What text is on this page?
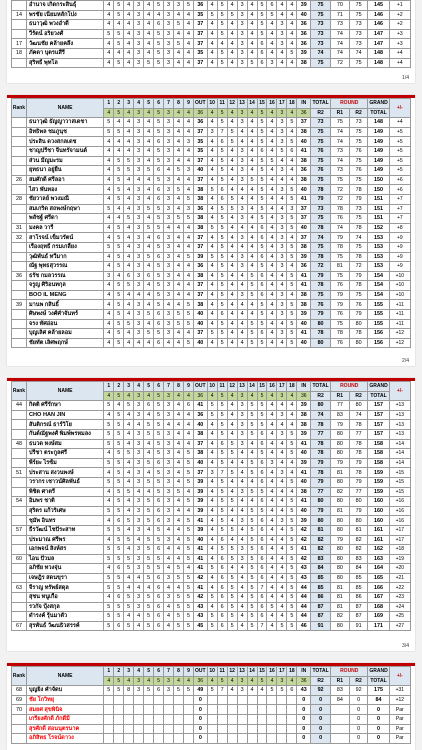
	อำนาจ เกิดกระสินธุ์	4	5	4	3	4	5	3	3	5	36	4	5	4	3	4	5	6	4	4	39	75	70	75	145	+1
14	พรชัย เนียมหลักโปง	4	5	4	3	4	4	3	4	4	35	5	5	5	3	4	5	5	4	4	40	75	71	75	146	+2
	ธนาวุฒิ พวงอ่ำดี	4	4	4	3	4	6	3	5	4	37	4	5	4	3	4	5	4	3	4	36	73	73	73	146	+2
	วีรัตน์ อริยวงศ์	5	5	4	3	4	5	3	4	4	37	4	5	4	3	4	5	4	3	4	36	73	74	73	147	+3
17	วัฒนชัย คล้ายคลึง	4	5	4	3	4	5	3	5	4	37	4	4	4	3	4	6	4	3	4	36	73	74	73	147	+3
18	ภัคดา บุตรแสีรี	4	4	4	3	4	5	3	4	4	35	4	5	4	3	4	6	4	4	5	39	74	74	74	148	+4
	สุริทธิ์ พุทโล	4	5	4	3	5	5	3	4	4	37	4	5	4	3	5	6	3	4	4	38	75	72	75	148	+4
1/4
Rank	NAME	1	2	3	4	5	6	7	8	9	OUT	10	11	12	13	14	15	16	17	18	IN	TOTAL	ROUND		GRAND	+/-
		4	5	4	3	4	5	3	4	4	36	4	5	4	3	4	5	4	3	4	36	R2	R1	R2	TOTAL	
	ธนาวุฒิ ธัญญาวาสเดชา	5	4	4	3	4	5	3	4	4	36	4	5	4	3	4	5	4	3	5	37	73	75	73	148	+4
	อิทธิพล ชมภูนุช	5	5	4	3	4	5	3	4	4	37	3	7	5	4	4	5	4	3	4	38	75	74	75	149	+5
	ประสิน ดวงสกลเดช	4	4	4	3	4	6	3	4	3	35	4	6	5	4	4	5	4	3	5	40	75	74	75	149	+5
	ชาญปรีชา จีนทรัจามนต์	4	4	4	3	4	5	3	4	4	35	4	5	4	3	4	6	4	5	6	41	76	73	76	149	+5
	ส่วน มีญูมะรม	4	5	5	3	4	5	3	4	4	37	4	5	4	3	4	5	5	4	4	38	75	74	75	149	+5
	ยุทธนา อยู่ยืน	4	5	5	3	5	6	4	5	3	40	4	5	4	3	4	5	4	3	4	36	76	73	76	149	+5
26	สมศักดิ์ ศรีลอา	4	5	4	4	4	5	3	4	4	37	4	5	4	3	5	5	4	4	4	38	75	75	75	150	+6
	ไสว พันทอง	4	5	4	3	4	6	3	5	4	38	5	6	4	4	4	5	4	3	5	40	78	72	78	150	+6
28	ชัยวาลย์ พวงมณี	4	5	4	3	4	6	3	4	5	38	4	6	5	4	4	5	4	4	5	41	79	72	79	151	+7
	สมเกริด สถพงษ์กฤษา	5	4	4	3	5	5	3	4	3	36	4	5	5	3	4	5	4	4	3	37	73	78	73	151	+7
	พลัชฐ์ ศรีดา	4	4	5	3	4	5	3	5	5	38	4	5	4	3	4	5	4	3	5	37	75	76	75	151	+7
31	มงคล วารี	4	5	4	3	5	5	4	4	4	38	5	5	4	4	4	6	4	3	5	40	78	74	78	152	+8
32	สาโรจน์ เข็มวรัตน์	4	5	4	3	4	6	3	4	4	37	4	5	4	3	4	6	4	3	4	37	74	79	74	153	+9
	เรืองฤทธิ์ กรมเกลี้ยง	5	5	4	3	4	5	3	4	4	37	4	5	4	4	4	5	4	3	5	38	75	78	75	153	+9
	วุฒิพันธ์ ทวีมาก	4	5	4	3	5	6	3	4	5	39	5	5	4	3	4	6	4	3	5	39	78	75	78	153	+9
	ณัฐ พุทธสุวรรณ	4	5	4	3	4	5	3	4	4	36	4	5	4	3	4	5	4	3	4	36	72	81	72	153	+9
36	ธรัช กมลวรรณ	3	4	6	3	6	5	3	4	4	38	4	5	4	4	5	6	4	4	5	41	79	75	79	154	+10
	จรูญ ศิริอนทกุล	4	5	5	3	4	5	3	4	4	37	4	5	4	4	5	6	4	4	5	41	78	76	78	154	+10
	BOO IL MENG	4	5	4	4	4	5	3	4	4	37	4	5	4	3	5	6	4	3	4	38	75	79	75	154	+10
39	มานพ กสินธิ์	4	5	4	3	4	5	4	4	5	38	4	5	4	4	4	5	4	3	5	38	76	79	76	155	+11
	ศิษพงษ์ วงศ์คำจันทร์	4	5	4	3	5	6	3	5	5	40	4	6	4	4	4	5	4	3	5	39	79	76	79	155	+11
	จรง ทัศอ่อน	4	5	5	3	4	6	3	5	5	40	4	5	4	4	5	5	4	4	5	40	80	75	80	155	+11
	บุญเลิศ คล้ายลอม	4	5	4	3	5	5	3	4	4	37	5	5	4	4	5	6	4	3	5	41	78	78	78	156	+12
	ชัยทัต เลิศพฤกษ์	4	5	4	4	4	6	4	4	5	40	4	5	4	4	5	5	4	4	5	40	80	76	80	156	+12
2/4
Rank	NAME	1	2	3	4	5	6	7	8	9	OUT	10	11	12	13	14	15	16	17	18	IN	TOTAL	ROUND		GRAND	+/-
		4	5	4	3	4	5	3	4	4	36	4	5	4	3	4	5	4	3	4	36	R2	R1	R2	TOTAL	
44	กิตติ ศรีรักษา	5	4	5	3	6	5	3	4	6	41	5	5	4	3	5	5	4	4	4	39	80	77	80	157	+13
	CHO HAN JIN	4	5	4	3	4	5	3	4	4	36	5	5	4	3	5	5	4	3	4	38	74	83	74	157	+13
	สันติกรณ์ ธาร์วิโย	5	5	4	4	5	5	4	4	4	40	4	5	4	3	5	5	4	4	4	38	78	79	78	157	+13
	กันต์ณัฐพงศ์ พิมพ์พรหมลง	5	5	4	3	5	5	3	4	4	38	4	5	4	3	5	6	4	3	5	39	77	80	77	157	+13
48	ธนวด หงษ์สม	5	5	4	3	4	5	3	4	4	37	4	6	5	3	4	6	4	4	5	41	78	80	78	158	+14
	ปรีชา ตระกูลศรี	4	5	5	3	4	5	3	4	5	38	4	5	5	4	4	5	4	4	5	40	78	80	78	158	+14
	พีร์ยะ ไรซ์ัม	5	5	4	3	5	6	3	4	5	40	4	5	4	4	5	6	3	4	4	39	79	79	79	158	+14
51	ประสาน สงวนพงษ์	4	5	4	3	4	5	3	4	5	37	3	7	5	4	5	6	4	3	4	41	78	81	78	159	+15
	วรากร เชาวน์ศิลพันธ์	5	5	4	3	5	5	3	4	5	39	4	5	4	4	4	6	4	4	5	40	79	80	79	159	+15
	พิชิต ศาตรี	4	5	5	4	4	5	3	5	4	39	4	5	4	3	5	5	4	4	4	38	77	82	77	159	+15
54	อิมพร ชาติ	4	5	4	3	5	6	3	4	5	39	4	5	5	4	4	6	4	4	5	41	80	80	80	160	+16
	สุริตร แก้วริเศษ	5	5	4	3	5	6	3	4	4	39	4	5	4	4	5	5	4	4	5	40	79	81	79	160	+16
	ชุมัพ อินทร	4	6	5	3	5	6	3	4	5	41	4	5	4	3	5	6	4	3	5	39	80	80	80	160	+16
57	ธีรวัฒน์ ไชปัระสาท	5	5	4	3	4	5	4	4	5	39	4	5	5	4	5	6	4	4	5	42	81	80	81	161	+17
	ประมาณ ศรีพร	4	5	5	4	5	5	3	4	5	40	4	6	4	4	5	6	4	4	5	42	82	79	82	161	+17
	เอกพจน์ สิงห์สร	5	5	4	3	5	6	4	4	5	41	4	5	5	3	5	6	4	4	5	41	82	80	82	162	+18
60	ไอน ปัวมล	5	5	5	3	5	5	4	4	5	41	4	6	5	3	5	6	4	4	5	42	83	80	83	163	+19
	อภิชัย ทวงจุ่น	4	6	5	3	5	5	4	5	4	41	5	6	4	4	5	6	4	4	5	43	84	80	84	164	+20
	เจษฎิร สดนขุรา	5	5	4	4	5	6	3	5	5	42	4	6	5	4	5	6	4	4	5	43	85	80	85	165	+21
63	จีราญ ทรัพย์สดุล	5	5	4	4	4	6	4	4	5	41	4	6	5	4	5	7	4	4	5	44	85	81	85	166	+22
	สุชน หนูเกื้อ	4	6	5	3	5	6	3	5	5	42	5	6	5	4	5	6	4	4	5	44	86	81	86	167	+23
	รวกัจ บุ้งสกุล	5	5	5	3	5	6	4	5	5	43	4	6	5	4	5	6	5	4	5	44	87	81	87	168	+24
	ดำรงค์ รุ้นมาตัว	5	5	4	4	5	6	4	5	5	43	5	6	5	4	5	6	4	4	5	44	87	82	87	169	+25
67	สุรพันธ์ วัฒนธิวสรรค์	5	6	5	4	5	6	4	5	5	45	5	6	5	4	5	7	4	5	5	46	91	80	91	171	+27
3/4
Rank	NAME	1	2	3	4	5	6	7	8	9	OUT	10	11	12	13	14	15	16	17	18	IN	TOTAL	ROUND		GRAND	+/-
		4	5	4	3	4	5	3	4	4	36	4	5	4	3	4	5	4	3	4	36	R2	R1	R2	TOTAL	
68	บุญยิ่ง คำจัดบ	5	5	8	3	5	6	3	5	5	49	5	7	4	3	4	4	5	5	6	43	92	83	92	175	+31
69	ชัย โกวิทยุ										0										0	0	84	0	84	+12
70	สมยศ สุขพินิจ										0										0	0		0	0	Par
	เกรียงศักดิ์ ภักดีมี										0										0	0		0	0	Par
	สุรศักดิ์ สอนนุตรนาค										0										0	0		0	0	Par
	อภิสิทธ โรจน์ดาวง										0										0	0		0	0	Par
